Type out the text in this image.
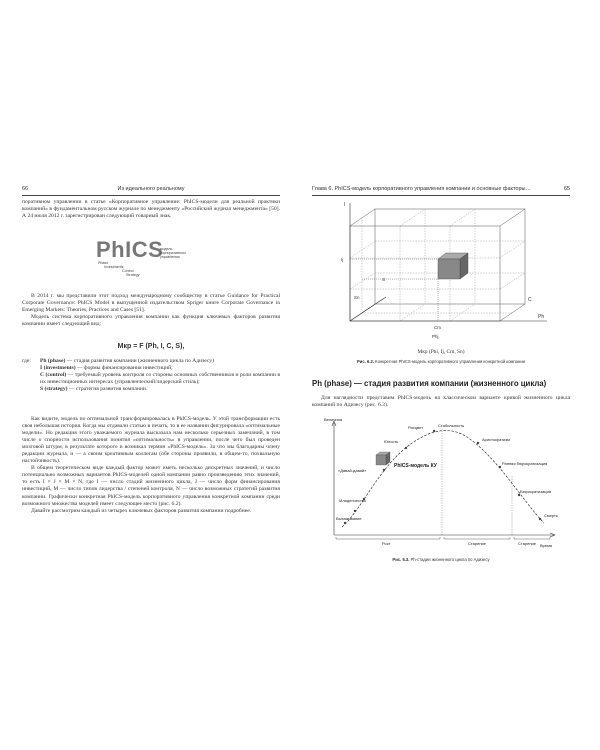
66	Из идеального реальному

поративном управлении в статье «Корпоративное управление: PhICS-модели для реальной практики компаний» в фундаментальном русском журнале по менеджменту «Российский журнал менеджмента» [50]. А 24 июля 2012 г. зарегистрирован следующий товарный знак.

PhICS
Phase
Investments
Control
Strategy
модель
корпоративного
управления

В 2014 г. мы представили этот подход международному сообществу в статье Guidance for Practical Corporate Governance: PhICS Model в выпущенной издательством Spriger книге Corporate Governance in Emerging Markets: Theories, Practices and Cases [51].

Модель система корпоративного управления компании как функция ключевых факторов развития компании имеет следующий вид:

Mкр = F (Ph, I, C, S),
где:	Ph (phase) — стадия развития компании (жизненного цикла по Адизесу)

I (investments) — формы финансирования инвестиций;

C (control) — требуемый уровень контроля со стороны основных собственников и роли компании в их инвестиционных интересах (управленческий/лидерский стиль);

S (strategy) — стратегия развития компании.

Как видите, модель по оптимальной трансформировалась в PhICS-модель. У этой трансформации есть своя небольшая история. Когда мы отдавали статью в печать, то в ее названии фигурировала «оптимальные модели». Но редакция этого уважаемого журнала высказала нам несколько серьезных замечаний, в том числе о спорности использования понятия «оптимальность» в управлении, после чего был проведен мозговой штурм, в результате которого и возникал термин «PhICS-модель». За что мы благодарны члену редакции журнала, и — а своим креативным коллегам (обе стороны проявили, в общем-то, похвальную настойчивость).

В общем теоретическом виде каждый фактор может иметь несколько дискретных значений, и число потенциально возможных вариантов PhICS-моделей одной компании равно произведению этих значений, то есть I × J × M × N, где I — число стадий жизненного цикла, J — число форм финансирования инвестиций, M — число типов лидерства / степеней контроля, N — число возможных стратегий развития компании. Графически конкретная PhICS-модель корпоративного управления конкретной компании среди возможного множества моделей имеет следующее место (рис. 6.2).

Давайте рассмотрим каждый из четырех ключевых факторов развития компании подробнее.

Глава 6. PhICS-модель корпоративного управления компании и основные факторы…	65
I
Ij
S
Sn
Cm
C
Ph
Phj
Mкр (Phi, Ij, Cm, Sn)
Рис. 6.2. Конкретная PhICS-модель корпоративного управления конкретной компании
Ph (phase) — стадия развития компании (жизненного цикла)

Для наглядности представим PhICS-модель на классическом варианте кривой жизненного цикла компаний по Адизесу (рис. 6.3).

Величина
Время
PhICS-модель КУ
«Давай-давай»
Младенчество
Выхаживание
Юность
Расцвет	Стабильность
Аристократизм
Ранняя бюрократизация
Бюрократизация
Смерть
Рост	Старение	Старение
Рис. 6.3. Ph-стадии жизненного цикла по Адизесу
